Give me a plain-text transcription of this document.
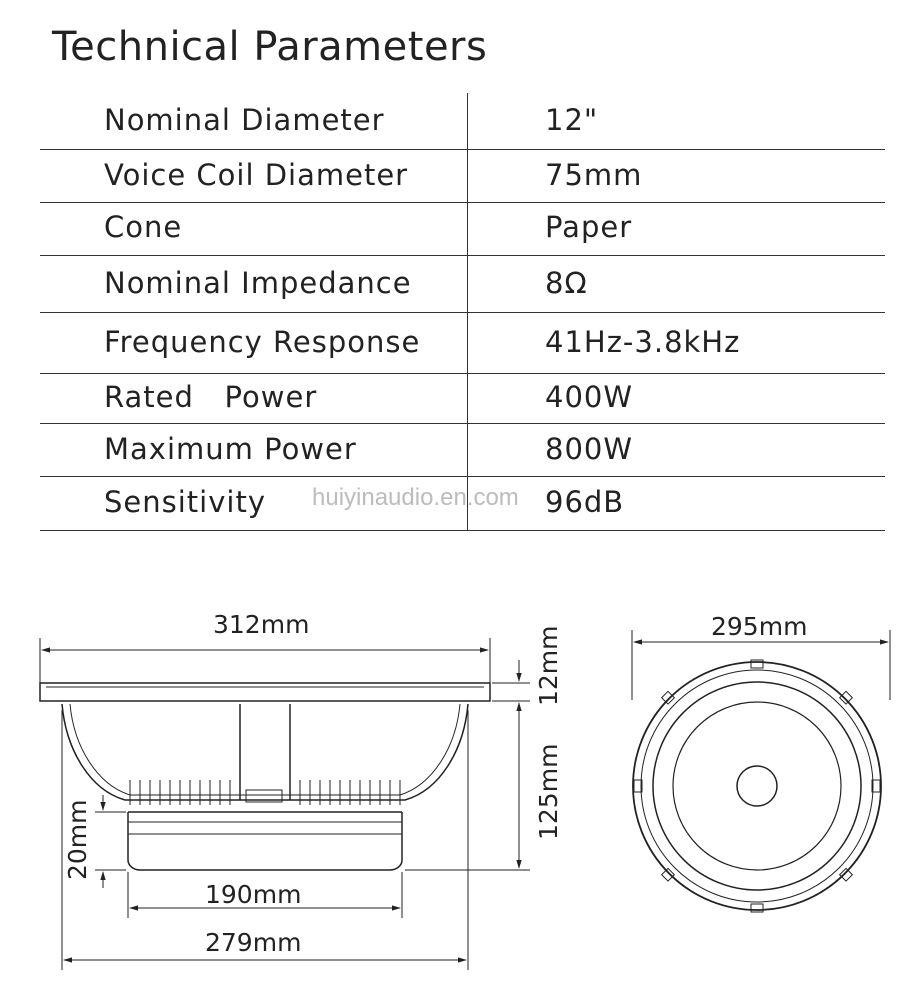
Technical Parameters
Nominal Diameter	12"
Voice Coil Diameter	75mm
Cone	Paper
Nominal Impedance	8Ω
Frequency Response	41Hz-3.8kHz
Rated   Power	400W
Maximum Power	800W
Sensitivity	96dB
huiyinaudio.en.com
312mm
190mm
279mm
20mm	125mm
12mm	295mm
